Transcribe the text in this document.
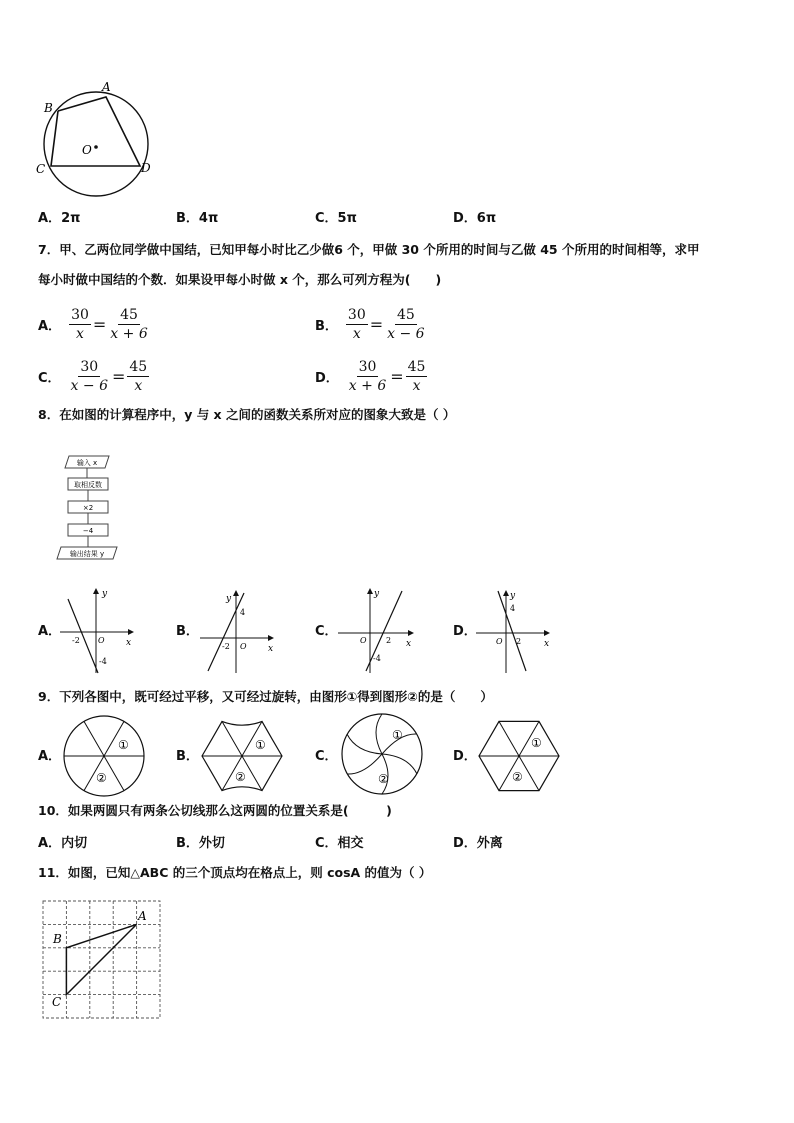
A
B
C	D
O
A．2π	B．4π	C．5π	D．6π
7．甲、乙两位同学做中国结，已知甲每小时比乙少做6 个，甲做 30 个所用的时间与乙做 45 个所用的时间相等，求甲
每小时做中国结的个数．如果设甲每小时做 x 个，那么可列方程为(　　)
A． $\frac{30}{x} = \frac{45}{x + 6}$	B． $\frac{30}{x} = \frac{45}{x - 6}$
C． $\frac{30}{x - 6} = \frac{45}{x}$	D． $\frac{30}{x + 6} = \frac{45}{x}$
8．在如图的计算程序中，y 与 x 之间的函数关系所对应的图象大致是（ ）
输入 x
取相反数
×2
−4
输出结果 y
A．
y
x
-2 O
-4
B．
y
x
4
-2 O
C．
y
x
O 2
-4
D．
y
x
4
O 2
9．下列各图中，既可经过平移，又可经过旋转，由图形①得到图形②的是（　　）
A．
①
②
B．
①
②
C．
①
②
D．
①
②
10．如果两圆只有两条公切线那么这两圆的位置关系是(　　　)
A．内切	B．外切	C．相交	D．外离
11．如图，已知△ABC 的三个顶点均在格点上，则 cosA 的值为（ ）
A
B
C
